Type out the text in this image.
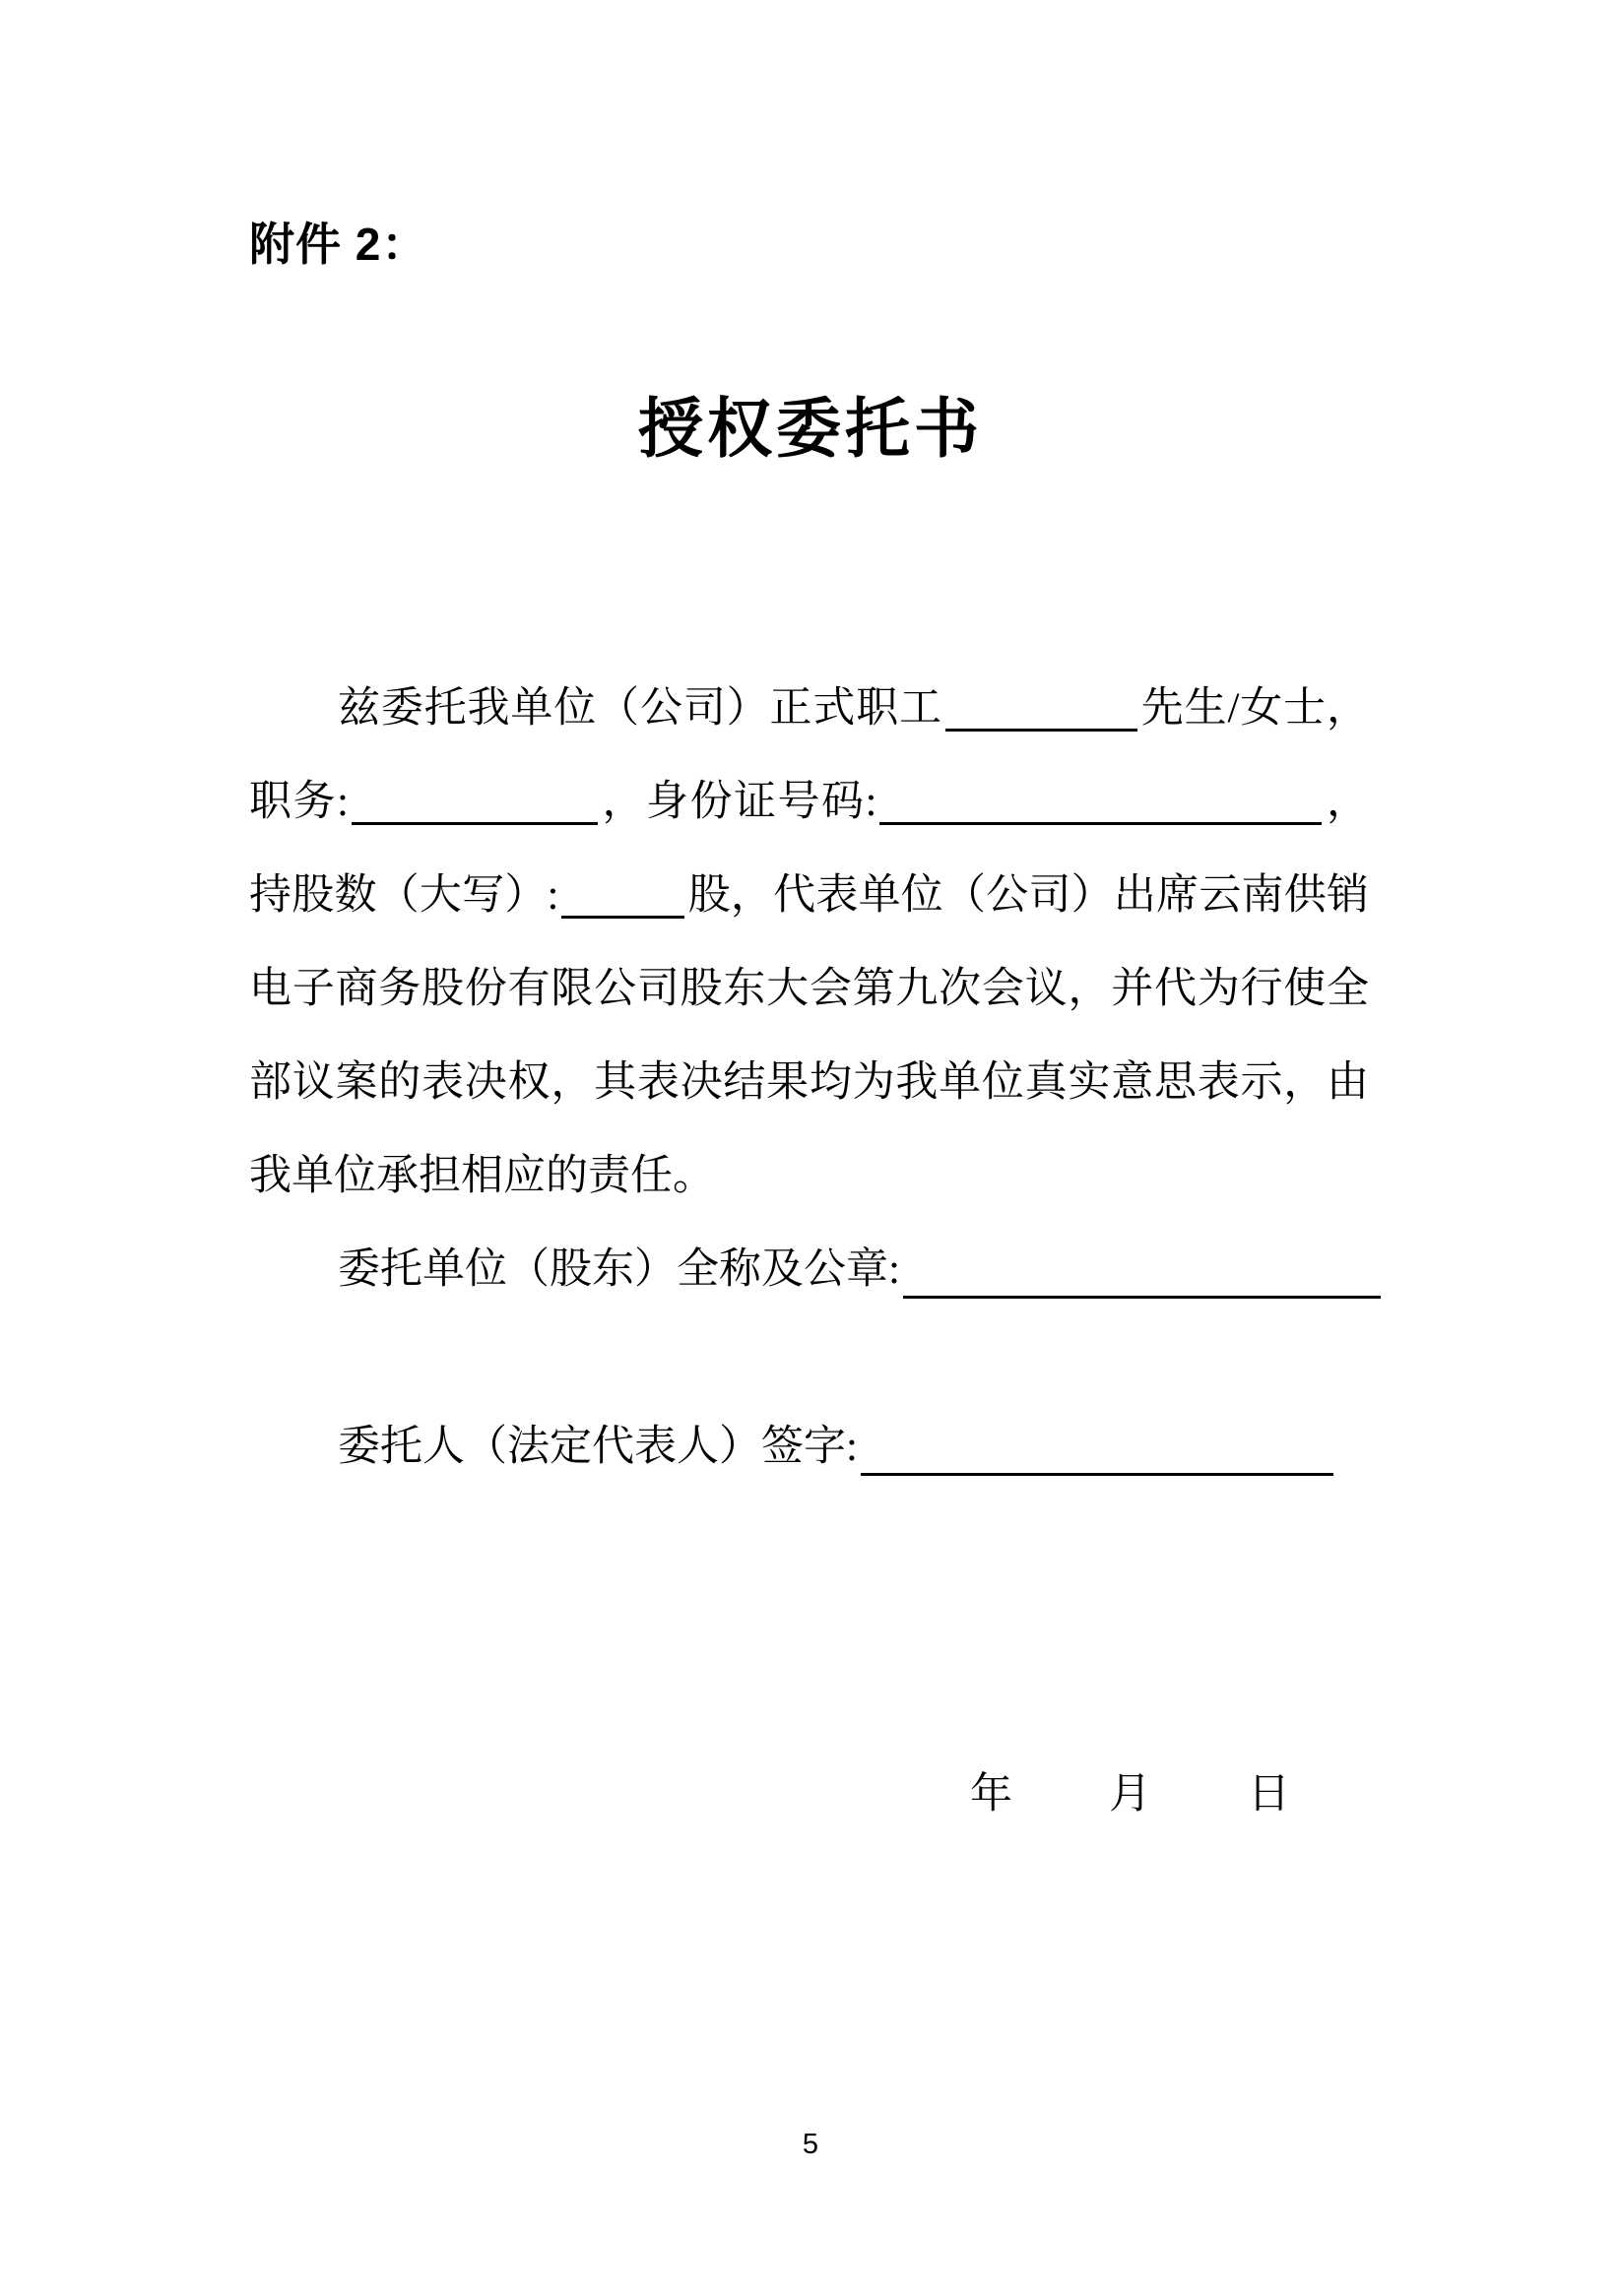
附件 2：
授权委托书
兹委托我单位（公司）正式职工	先生/女士，
职务:	，身份证号码:	，
持股数（大写）:	股，代表单位（公司）出席云南供销
电子商务股份有限公司股东大会第九次会议，并代为行使全
部议案的表决权，其表决结果均为我单位真实意思表示，由
我单位承担相应的责任。
委托单位（股东）全称及公章:
委托人（法定代表人）签字:
年 月 日
5
